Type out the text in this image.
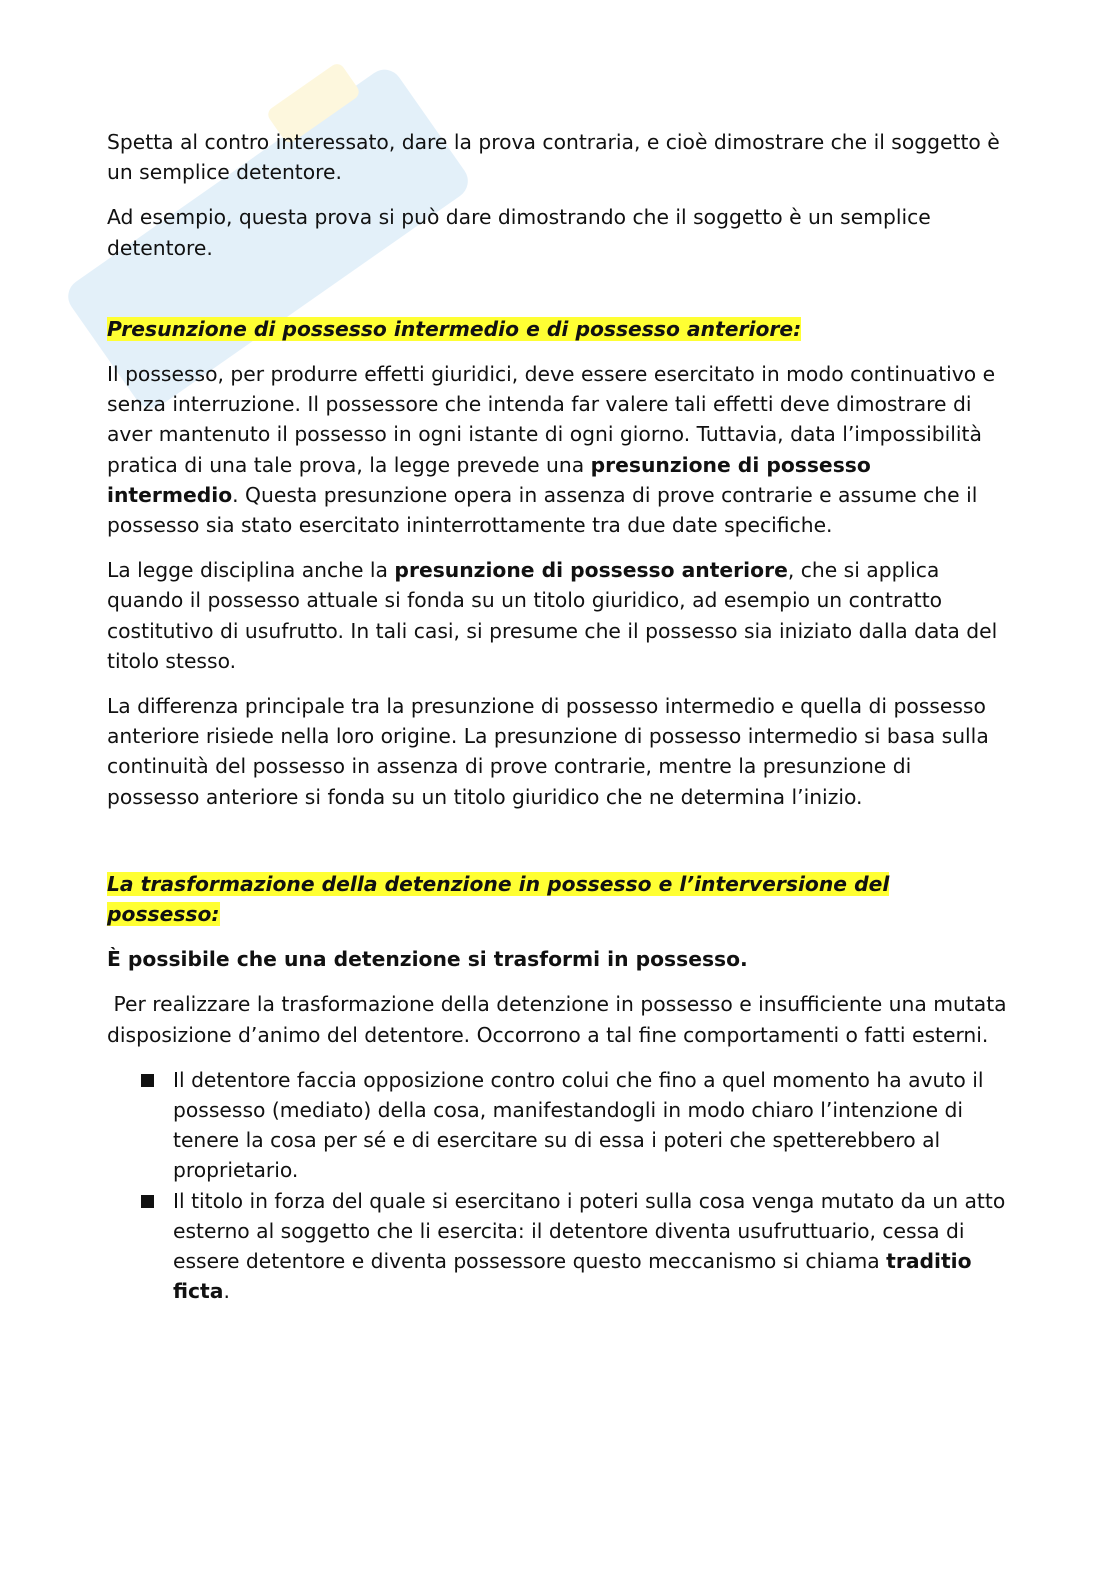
Spetta al contro interessato, dare la prova contraria, e cioè dimostrare che il soggetto è un semplice detentore.

Ad esempio, questa prova si può dare dimostrando che il soggetto è un semplice detentore.

Presunzione di possesso intermedio e di possesso anteriore:

Il possesso, per produrre effetti giuridici, deve essere esercitato in modo continuativo e senza interruzione. Il possessore che intenda far valere tali effetti deve dimostrare di aver mantenuto il possesso in ogni istante di ogni giorno. Tuttavia, data l’impossibilità pratica di una tale prova, la legge prevede una presunzione di possesso intermedio. Questa presunzione opera in assenza di prove contrarie e assume che il possesso sia stato esercitato ininterrottamente tra due date specifiche.

La legge disciplina anche la presunzione di possesso anteriore, che si applica quando il possesso attuale si fonda su un titolo giuridico, ad esempio un contratto costitutivo di usufrutto. In tali casi, si presume che il possesso sia iniziato dalla data del titolo stesso.

La differenza principale tra la presunzione di possesso intermedio e quella di possesso anteriore risiede nella loro origine. La presunzione di possesso intermedio si basa sulla continuità del possesso in assenza di prove contrarie, mentre la presunzione di possesso anteriore si fonda su un titolo giuridico che ne determina l’inizio.

La trasformazione della detenzione in possesso e l’interversione del possesso:

È possibile che una detenzione si trasformi in possesso.

Per realizzare la trasformazione della detenzione in possesso e insufficiente una mutata disposizione d’animo del detentore. Occorrono a tal fine comportamenti o fatti esterni.

Il detentore faccia opposizione contro colui che fino a quel momento ha avuto il possesso (mediato) della cosa, manifestandogli in modo chiaro l’intenzione di tenere la cosa per sé e di esercitare su di essa i poteri che spetterebbero al proprietario.
Il titolo in forza del quale si esercitano i poteri sulla cosa venga mutato da un atto esterno al soggetto che li esercita: il detentore diventa usufruttuario, cessa di essere detentore e diventa possessore questo meccanismo si chiama traditio ficta.
